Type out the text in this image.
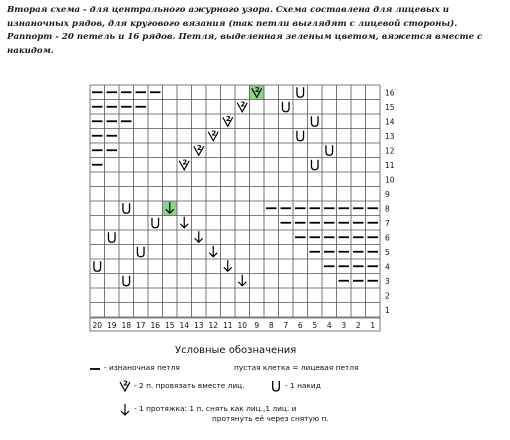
Вторая схема - для центрального ажурного узора. Схема составлена для лицевых и изнаночных рядов, для кругового вязания (так петли выглядят с лицевой стороны). Раппорт - 20 петель и 16 рядов. Петля, выделенная зеленым цветом, вяжется вместе с накидом.

2
2
2
2
2
2
20 19 18 17 16 15 14 13 12 11 10 9 8 7 6 5 4 3 2 1
16
15
14
13
12
11
10
9
8
7
6
5
4
3
2
1
2
Условные обозначения
- изнаночная петля	пустая клетка = лицевая петля
- 2 п. провязать вместе лиц.	- 1 накид
- 1 протяжка: 1 п. снять как лиц.,1 лиц. и
протянуть её через снятую п.
